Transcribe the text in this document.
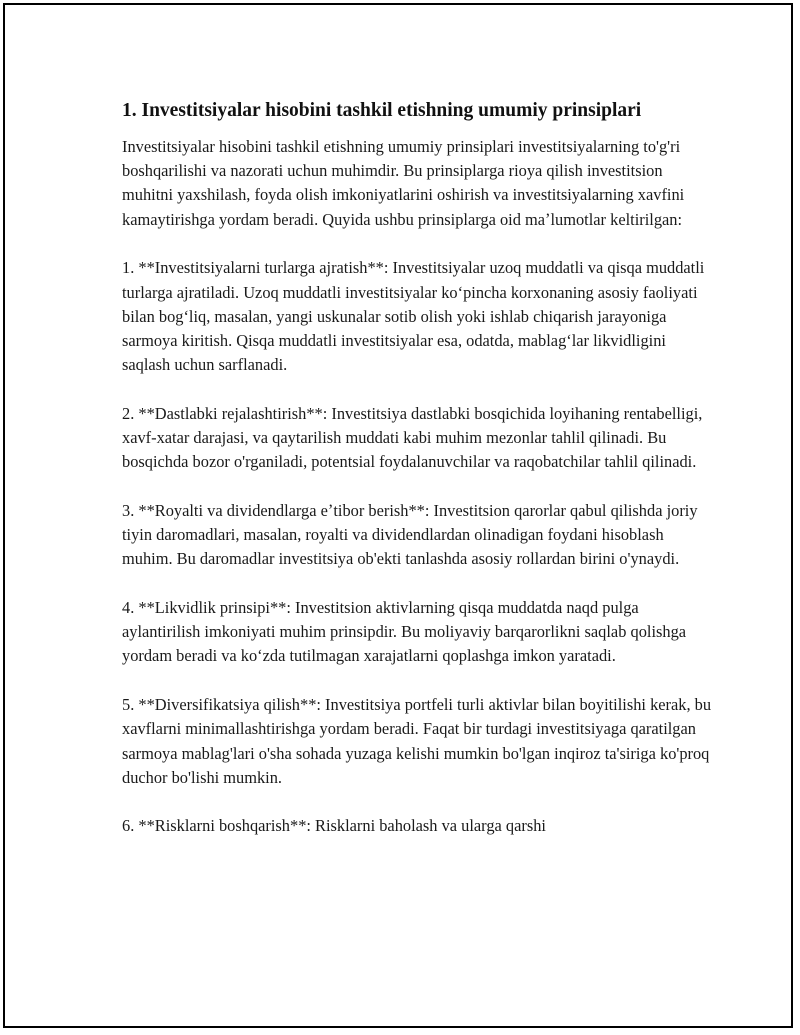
1. Investitsiyalar hisobini tashkil etishning umumiy prinsiplari

Investitsiyalar hisobini tashkil etishning umumiy prinsiplari investitsiyalarning to'g'ri boshqarilishi va nazorati uchun muhimdir. Bu prinsiplarga rioya qilish investitsion muhitni yaxshilash, foyda olish imkoniyatlarini oshirish va investitsiyalarning xavfini kamaytirishga yordam beradi. Quyida ushbu prinsiplarga oid maʼlumotlar keltirilgan:

1. **Investitsiyalarni turlarga ajratish**: Investitsiyalar uzoq muddatli va qisqa muddatli turlarga ajratiladi. Uzoq muddatli investitsiyalar koʻpincha korxonaning asosiy faoliyati bilan bogʻliq, masalan, yangi uskunalar sotib olish yoki ishlab chiqarish jarayoniga sarmoya kiritish. Qisqa muddatli investitsiyalar esa, odatda, mablagʻlar likvidligini saqlash uchun sarflanadi.

2. **Dastlabki rejalashtirish**: Investitsiya dastlabki bosqichida loyihaning rentabelligi, xavf-xatar darajasi, va qaytarilish muddati kabi muhim mezonlar tahlil qilinadi. Bu bosqichda bozor o'rganiladi, potentsial foydalanuvchilar va raqobatchilar tahlil qilinadi.

3. **Royalti va dividendlarga eʼtibor berish**: Investitsion qarorlar qabul qilishda joriy tiyin daromadlari, masalan, royalti va dividendlardan olinadigan foydani hisoblash muhim. Bu daromadlar investitsiya ob'ekti tanlashda asosiy rollardan birini o'ynaydi.

4. **Likvidlik prinsipi**: Investitsion aktivlarning qisqa muddatda naqd pulga aylantirilish imkoniyati muhim prinsipdir. Bu moliyaviy barqarorlikni saqlab qolishga yordam beradi va koʻzda tutilmagan xarajatlarni qoplashga imkon yaratadi.

5. **Diversifikatsiya qilish**: Investitsiya portfeli turli aktivlar bilan boyitilishi kerak, bu xavflarni minimallashtirishga yordam beradi. Faqat bir turdagi investitsiyaga qaratilgan sarmoya mablag'lari o'sha sohada yuzaga kelishi mumkin bo'lgan inqiroz ta'siriga ko'proq duchor bo'lishi mumkin.

6. **Risklarni boshqarish**: Risklarni baholash va ularga qarshi
